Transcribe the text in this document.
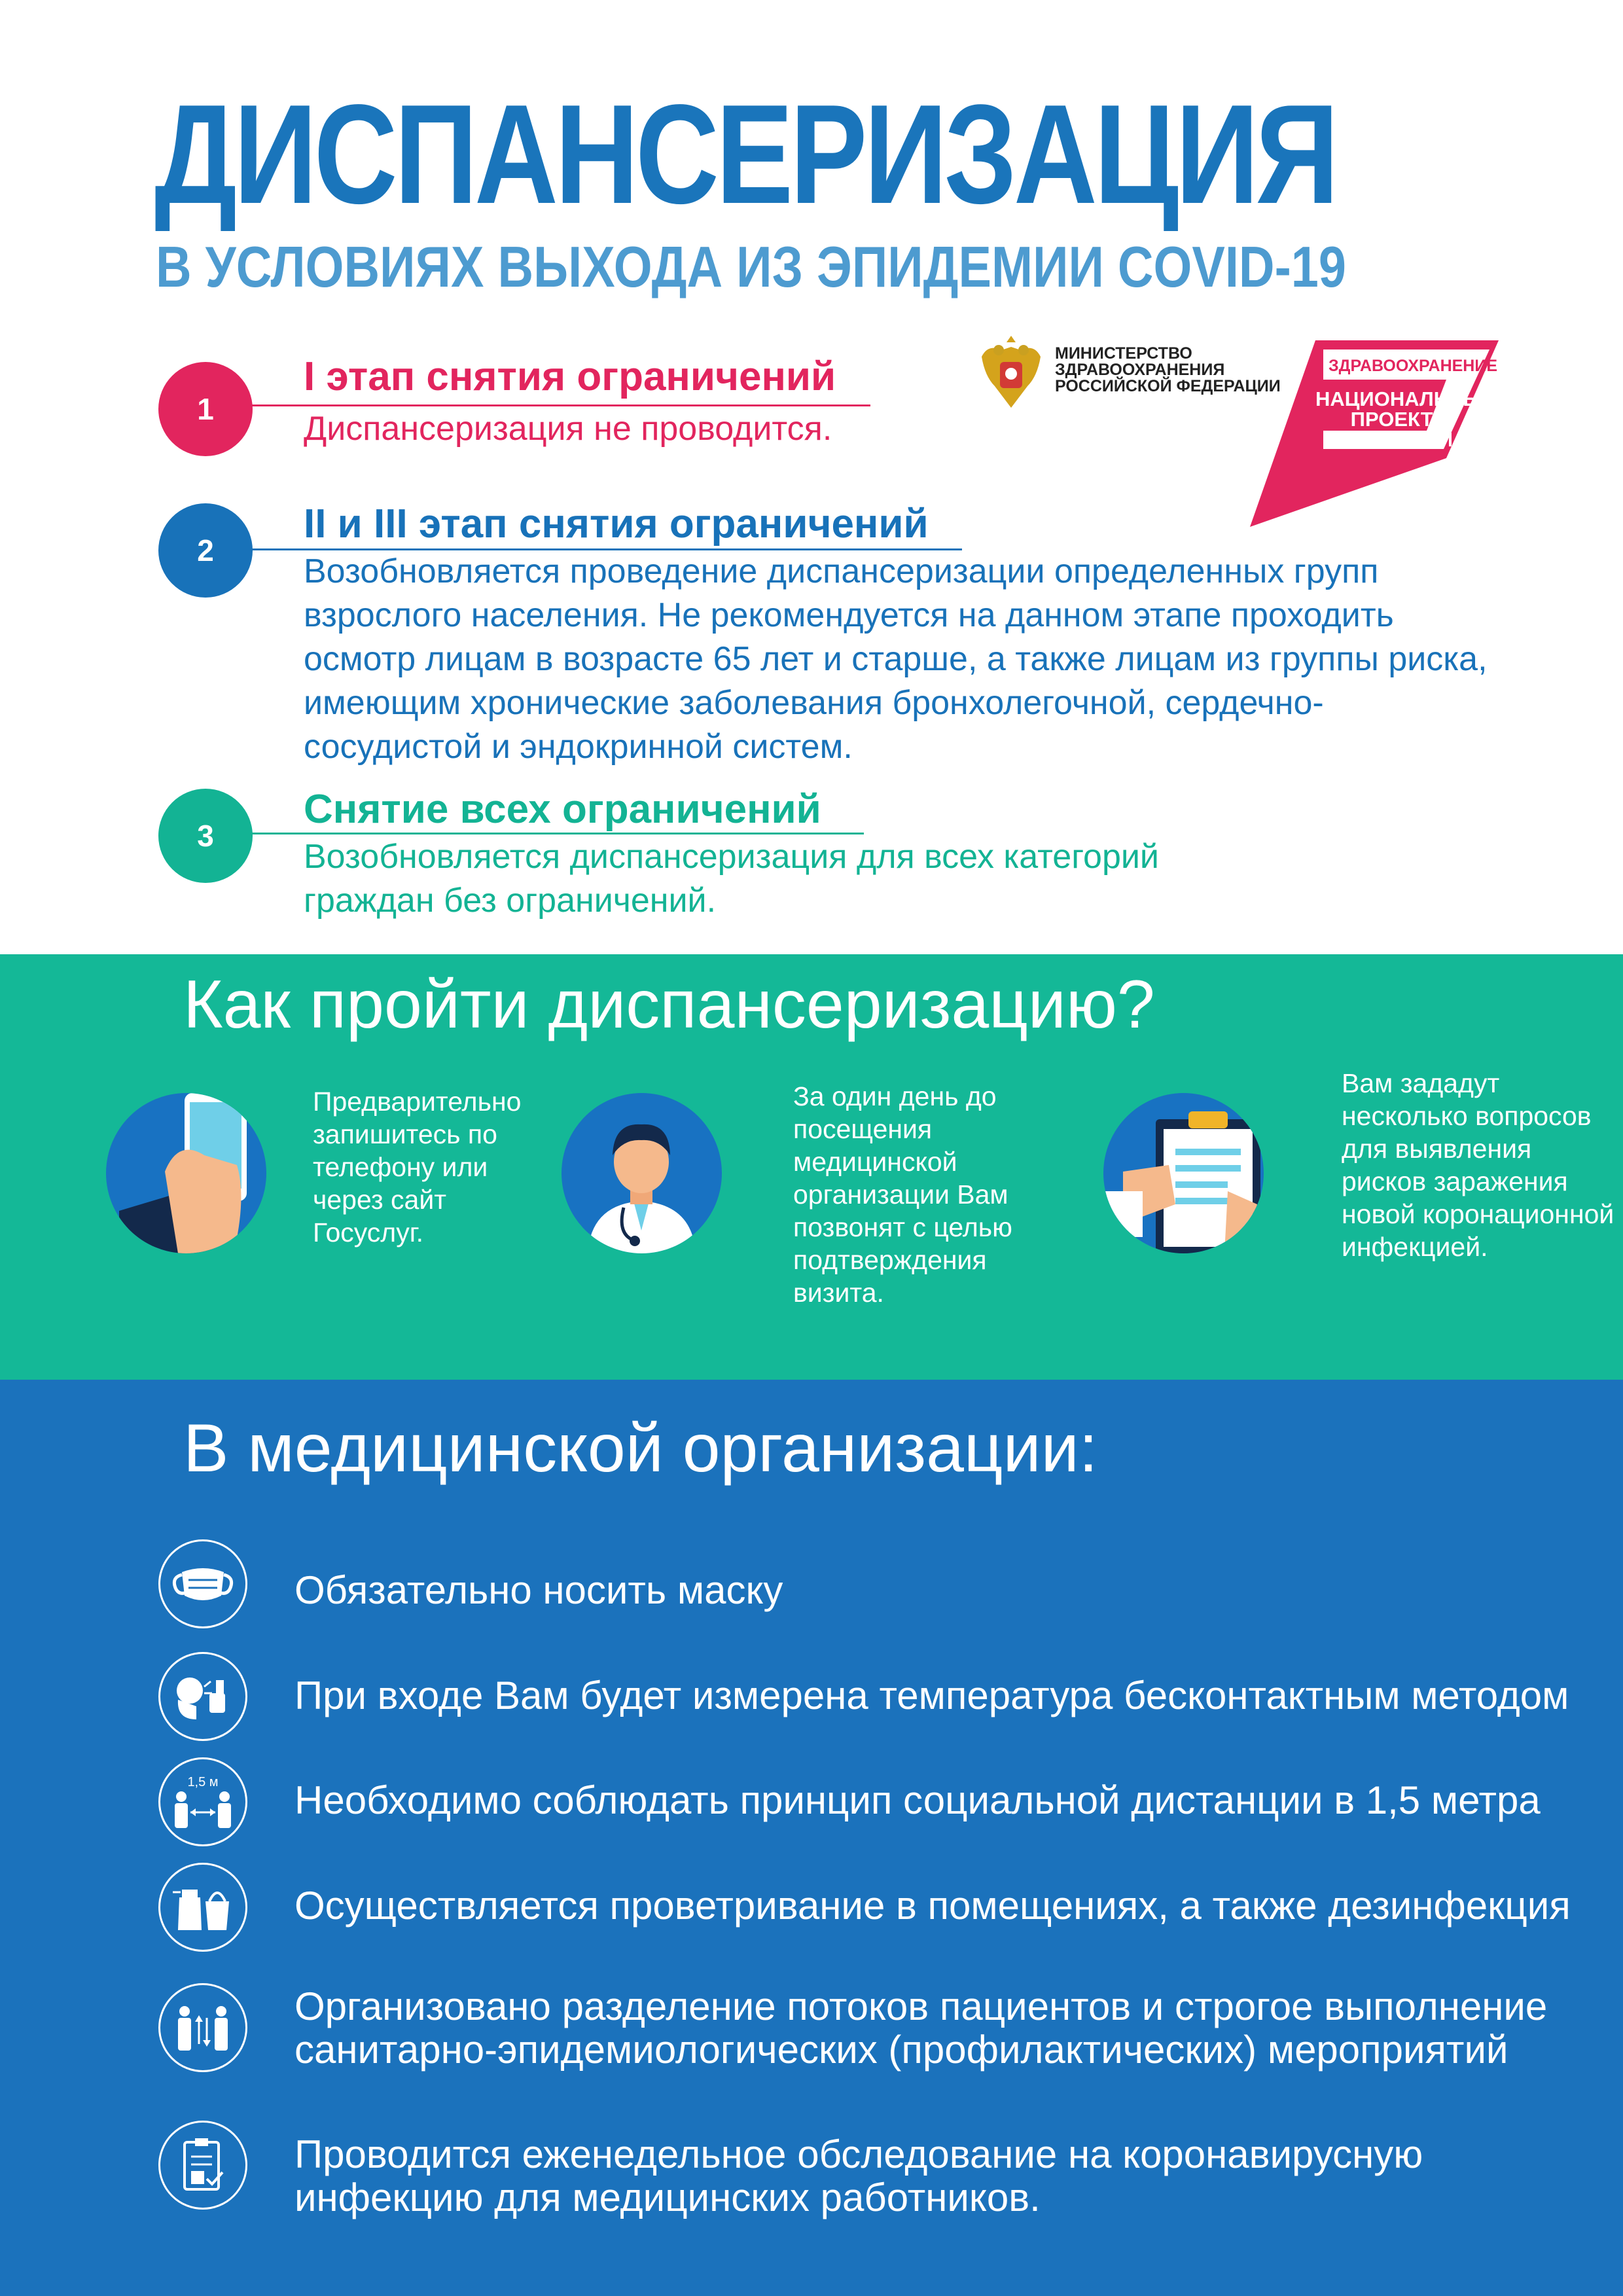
ДИСПАНСЕРИЗАЦИЯ
В УСЛОВИЯХ ВЫХОДА ИЗ ЭПИДЕМИИ COVID-19
МИНИСТЕРСТВО
ЗДРАВООХРАНЕНИЯ
РОССИЙСКОЙ ФЕДЕРАЦИИ
ЗДРАВООХРАНЕНИЕ
НАЦИОНАЛЬНЫЕ
ПРОЕКТЫ
РОССИИ
1
I этап снятия ограничений
Диспансеризация не проводится.
2
II и III этап снятия ограничений
Возобновляется проведение диспансеризации определенных групп взрослого населения. Не рекомендуется на данном этапе проходить осмотр лицам в возрасте 65 лет и старше, а также лицам из группы риска, имеющим хронические заболевания бронхолегочной, сердечно-сосудистой и эндокринной систем.
3
Снятие всех ограничений
Возобновляется диспансеризация для всех категорий граждан без ограничений.
Как пройти диспансеризацию?
Предварительно запишитесь по телефону или через сайт Госуслуг.
За один день до посещения медицинской организации Вам позвонят с целью подтверждения визита.
Вам зададут несколько вопросов для выявления рисков заражения новой коронационной инфекцией.
В медицинской организации:
Обязательно носить маску
При входе Вам будет измерена температура бесконтактным методом
1,5 м Необходимо соблюдать принцип социальной дистанции в 1,5 метра
Осуществляется проветривание в помещениях, а также дезинфекция
Организовано разделение потоков пациентов и строгое выполнение санитарно-эпидемиологических (профилактических) мероприятий
Проводится еженедельное обследование на коронавирусную инфекцию для медицинских работников.
